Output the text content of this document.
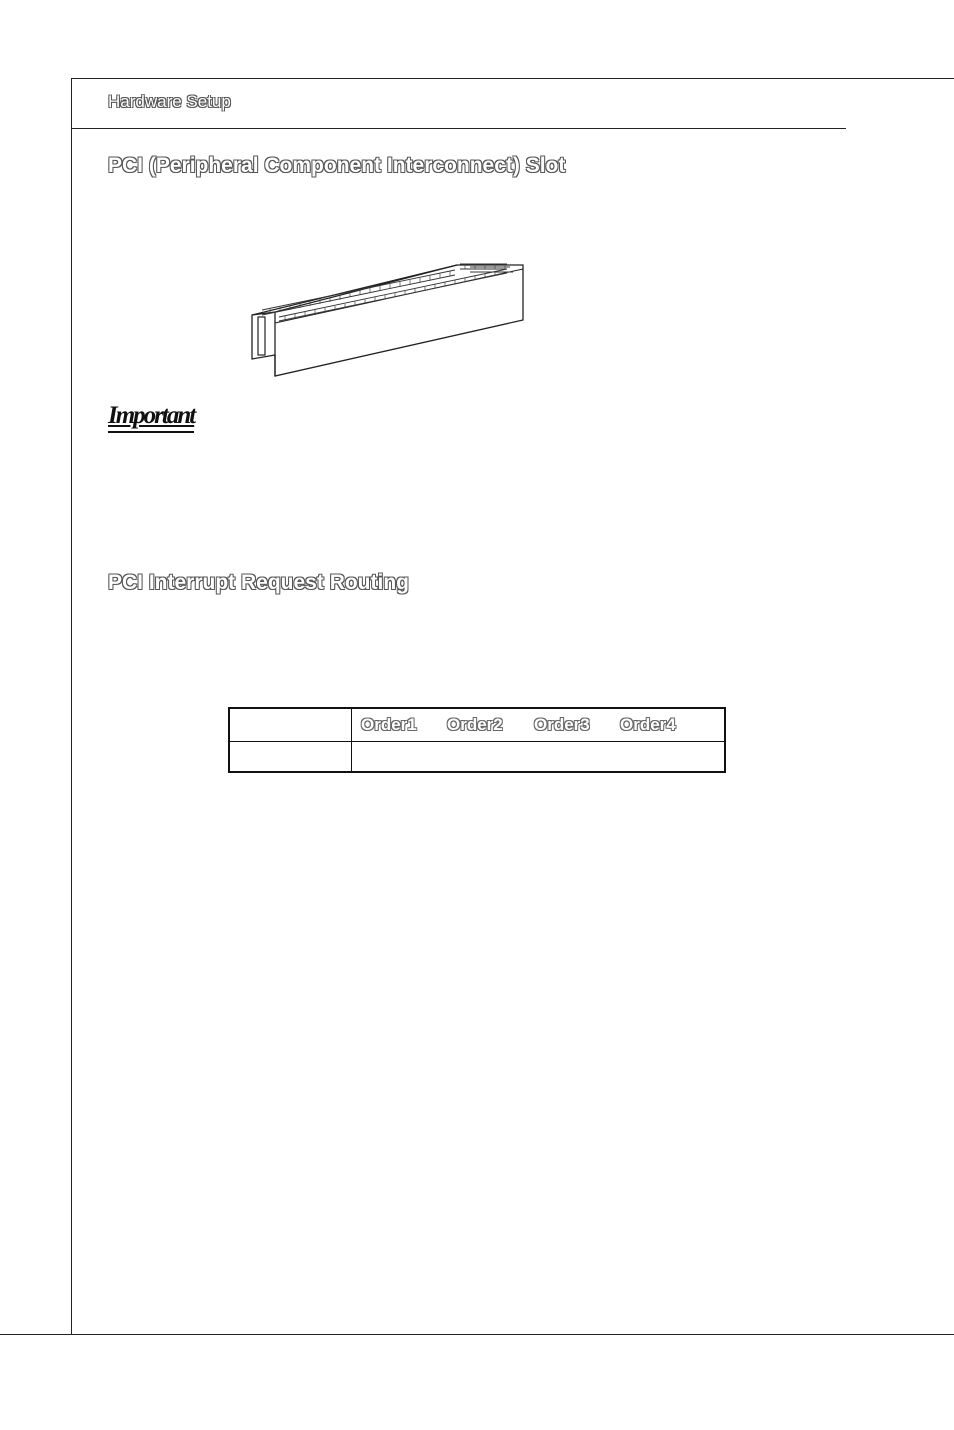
Hardware Setup
PCI (Peripheral Component Interconnect) Slot
Important
PCI Interrupt Request Routing
Order1 Order2 Order3 Order4
